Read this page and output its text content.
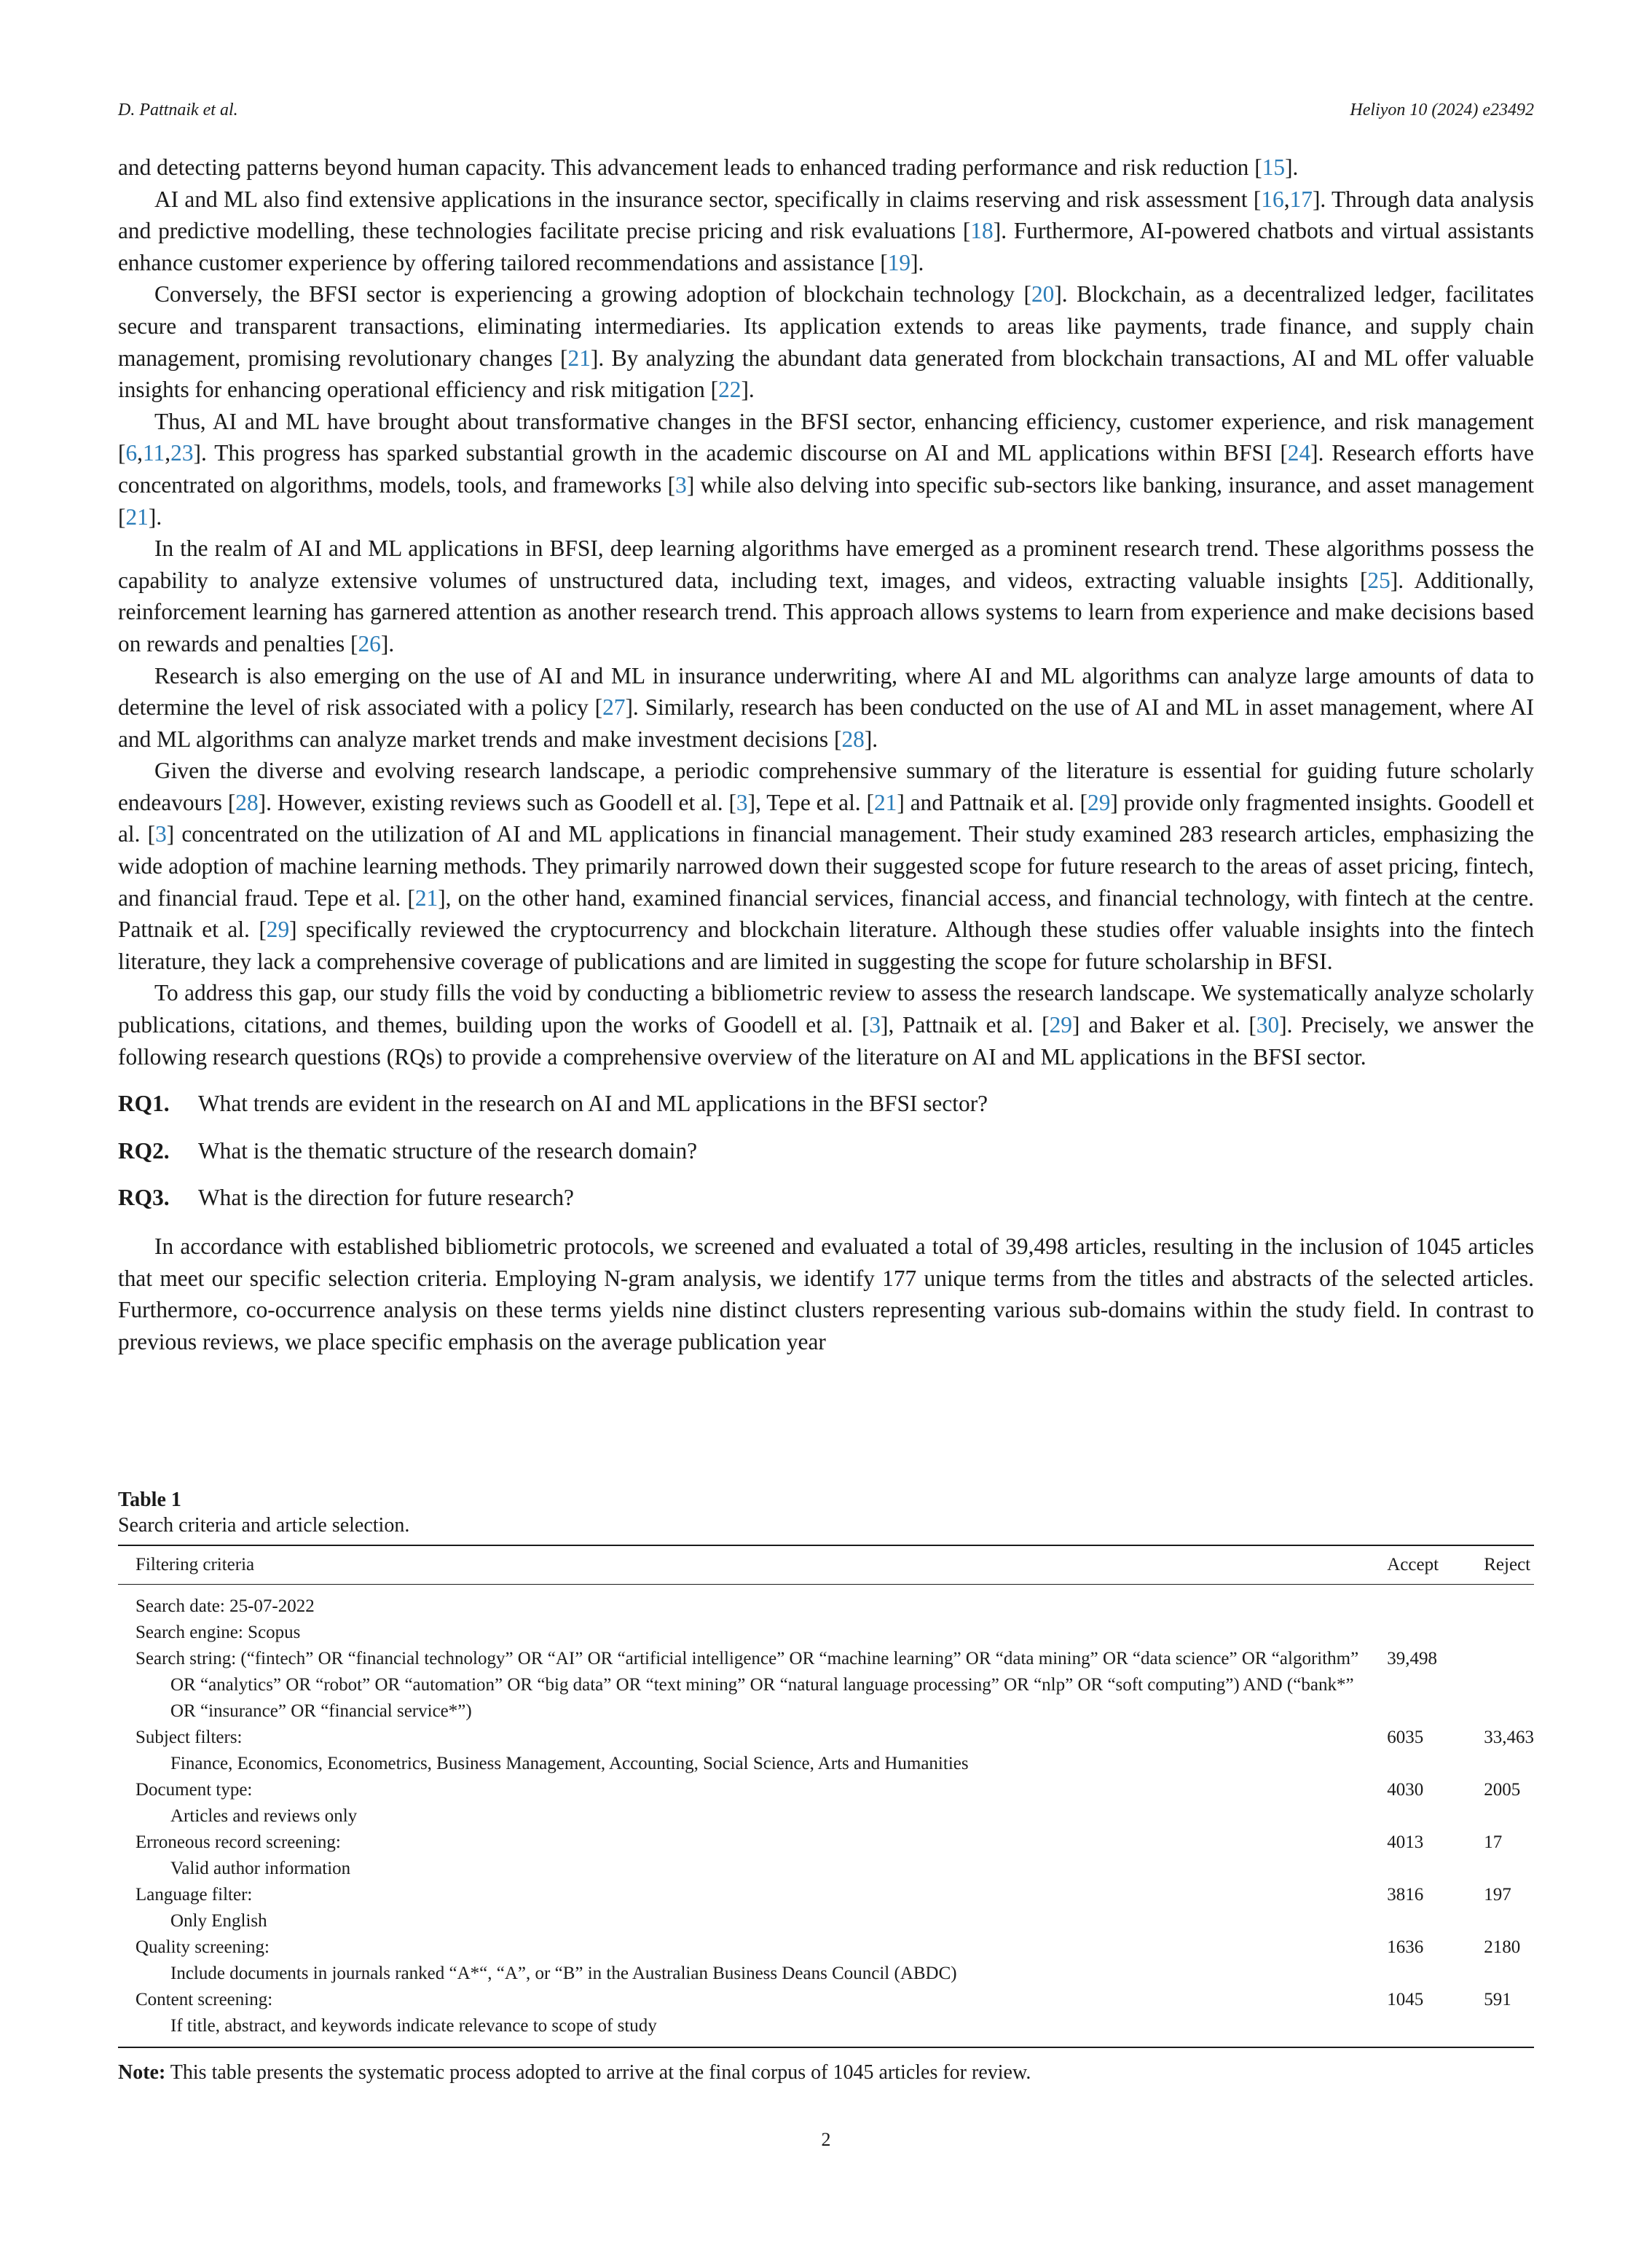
D. Pattnaik et al.	Heliyon 10 (2024) e23492

and detecting patterns beyond human capacity. This advancement leads to enhanced trading performance and risk reduction [15].

AI and ML also find extensive applications in the insurance sector, specifically in claims reserving and risk assessment [16,17]. Through data analysis and predictive modelling, these technologies facilitate precise pricing and risk evaluations [18]. Furthermore, AI-powered chatbots and virtual assistants enhance customer experience by offering tailored recommendations and assistance [19].

Conversely, the BFSI sector is experiencing a growing adoption of blockchain technology [20]. Blockchain, as a decentralized ledger, facilitates secure and transparent transactions, eliminating intermediaries. Its application extends to areas like payments, trade finance, and supply chain management, promising revolutionary changes [21]. By analyzing the abundant data generated from blockchain transactions, AI and ML offer valuable insights for enhancing operational efficiency and risk mitigation [22].

Thus, AI and ML have brought about transformative changes in the BFSI sector, enhancing efficiency, customer experience, and risk management [6,11,23]. This progress has sparked substantial growth in the academic discourse on AI and ML applications within BFSI [24]. Research efforts have concentrated on algorithms, models, tools, and frameworks [3] while also delving into specific sub-sectors like banking, insurance, and asset management [21].

In the realm of AI and ML applications in BFSI, deep learning algorithms have emerged as a prominent research trend. These algorithms possess the capability to analyze extensive volumes of unstructured data, including text, images, and videos, extracting valuable insights [25]. Additionally, reinforcement learning has garnered attention as another research trend. This approach allows systems to learn from experience and make decisions based on rewards and penalties [26].

Research is also emerging on the use of AI and ML in insurance underwriting, where AI and ML algorithms can analyze large amounts of data to determine the level of risk associated with a policy [27]. Similarly, research has been conducted on the use of AI and ML in asset management, where AI and ML algorithms can analyze market trends and make investment decisions [28].

Given the diverse and evolving research landscape, a periodic comprehensive summary of the literature is essential for guiding future scholarly endeavours [28]. However, existing reviews such as Goodell et al. [3], Tepe et al. [21] and Pattnaik et al. [29] provide only fragmented insights. Goodell et al. [3] concentrated on the utilization of AI and ML applications in financial management. Their study examined 283 research articles, emphasizing the wide adoption of machine learning methods. They primarily narrowed down their suggested scope for future research to the areas of asset pricing, fintech, and financial fraud. Tepe et al. [21], on the other hand, examined financial services, financial access, and financial technology, with fintech at the centre. Pattnaik et al. [29] specifically reviewed the cryptocurrency and blockchain literature. Although these studies offer valuable insights into the fintech literature, they lack a comprehensive coverage of publications and are limited in suggesting the scope for future scholarship in BFSI.

To address this gap, our study fills the void by conducting a bibliometric review to assess the research landscape. We systematically analyze scholarly publications, citations, and themes, building upon the works of Goodell et al. [3], Pattnaik et al. [29] and Baker et al. [30]. Precisely, we answer the following research questions (RQs) to provide a comprehensive overview of the literature on AI and ML applications in the BFSI sector.

RQ1.	What trends are evident in the research on AI and ML applications in the BFSI sector?
RQ2.	What is the thematic structure of the research domain?
RQ3.	What is the direction for future research?

In accordance with established bibliometric protocols, we screened and evaluated a total of 39,498 articles, resulting in the inclusion of 1045 articles that meet our specific selection criteria. Employing N-gram analysis, we identify 177 unique terms from the titles and abstracts of the selected articles. Furthermore, co-occurrence analysis on these terms yields nine distinct clusters representing various sub-domains within the study field. In contrast to previous reviews, we place specific emphasis on the average publication year

Table 1
Search criteria and article selection.
Filtering criteria	Accept	Reject

Search date: 25-07-2022		

Search engine: Scopus		

Search string: (“fintech” OR “financial technology” OR “AI” OR “artificial intelligence” OR “machine learning” OR “data mining” OR “data science” OR “algorithm” OR “analytics” OR “robot” OR “automation” OR “big data” OR “text mining” OR “natural language processing” OR “nlp” OR “soft computing”) AND (“bank*” OR “insurance” OR “financial service*”)	39,498	

Subject filters:
Finance, Economics, Econometrics, Business Management, Accounting, Social Science, Arts and Humanities	6035	33,463

Document type:
Articles and reviews only	4030	2005

Erroneous record screening:
Valid author information	4013	17

Language filter:
Only English	3816	197

Quality screening:
Include documents in journals ranked “A*“, “A”, or “B” in the Australian Business Deans Council (ABDC)	1636	2180

Content screening:
If title, abstract, and keywords indicate relevance to scope of study	1045	591
Note: This table presents the systematic process adopted to arrive at the final corpus of 1045 articles for review.
2
